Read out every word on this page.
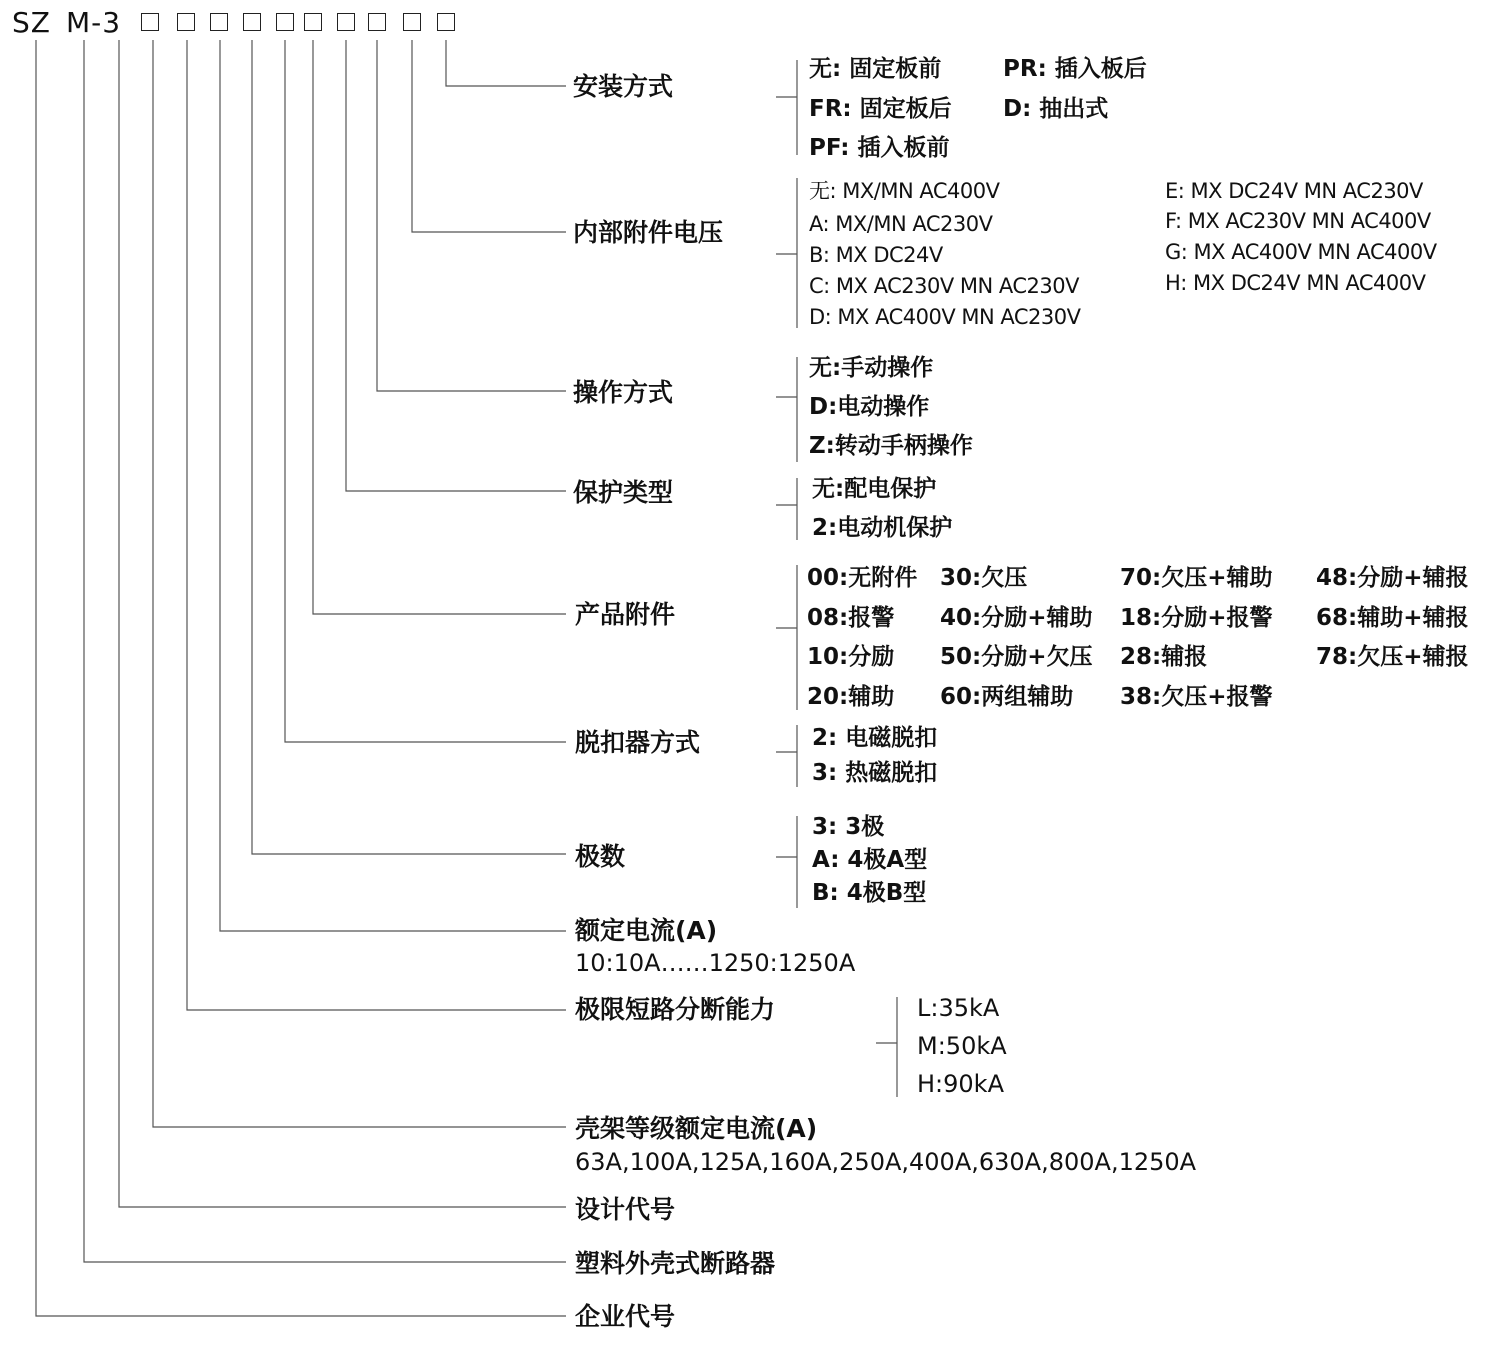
SZ M-3
安装方式
无: 固定板前	PR: 插入板后
FR: 固定板后 D: 抽出式
PF: 插入板前
内部附件电压
无: MX/MN AC400V
A: MX/MN AC230V
B: MX DC24V
C: MX AC230V MN AC230V
D: MX AC400V MN AC230V
E: MX DC24V MN AC230V
F: MX AC230V MN AC400V
G: MX AC400V MN AC400V
H: MX DC24V MN AC400V
操作方式
无:手动操作
D:电动操作
Z:转动手柄操作
保护类型	无:配电保护
2:电动机保护
产品附件
00:无附件 30:欠压	70:欠压+辅助 48:分励+辅报
08:报警 40:分励+辅助 18:分励+报警 68:辅助+辅报
10:分励 50:分励+欠压 28:辅报	78:欠压+辅报
20:辅助 60:两组辅助 38:欠压+报警
脱扣器方式	2: 电磁脱扣
3: 热磁脱扣
极数
3: 3极
A: 4极A型
B: 4极B型
额定电流(A)
10:10A……1250:1250A
极限短路分断能力	L:35kA
M:50kA
H:90kA
壳架等级额定电流(A)
63A,100A,125A,160A,250A,400A,630A,800A,1250A
设计代号
塑料外壳式断路器
企业代号
